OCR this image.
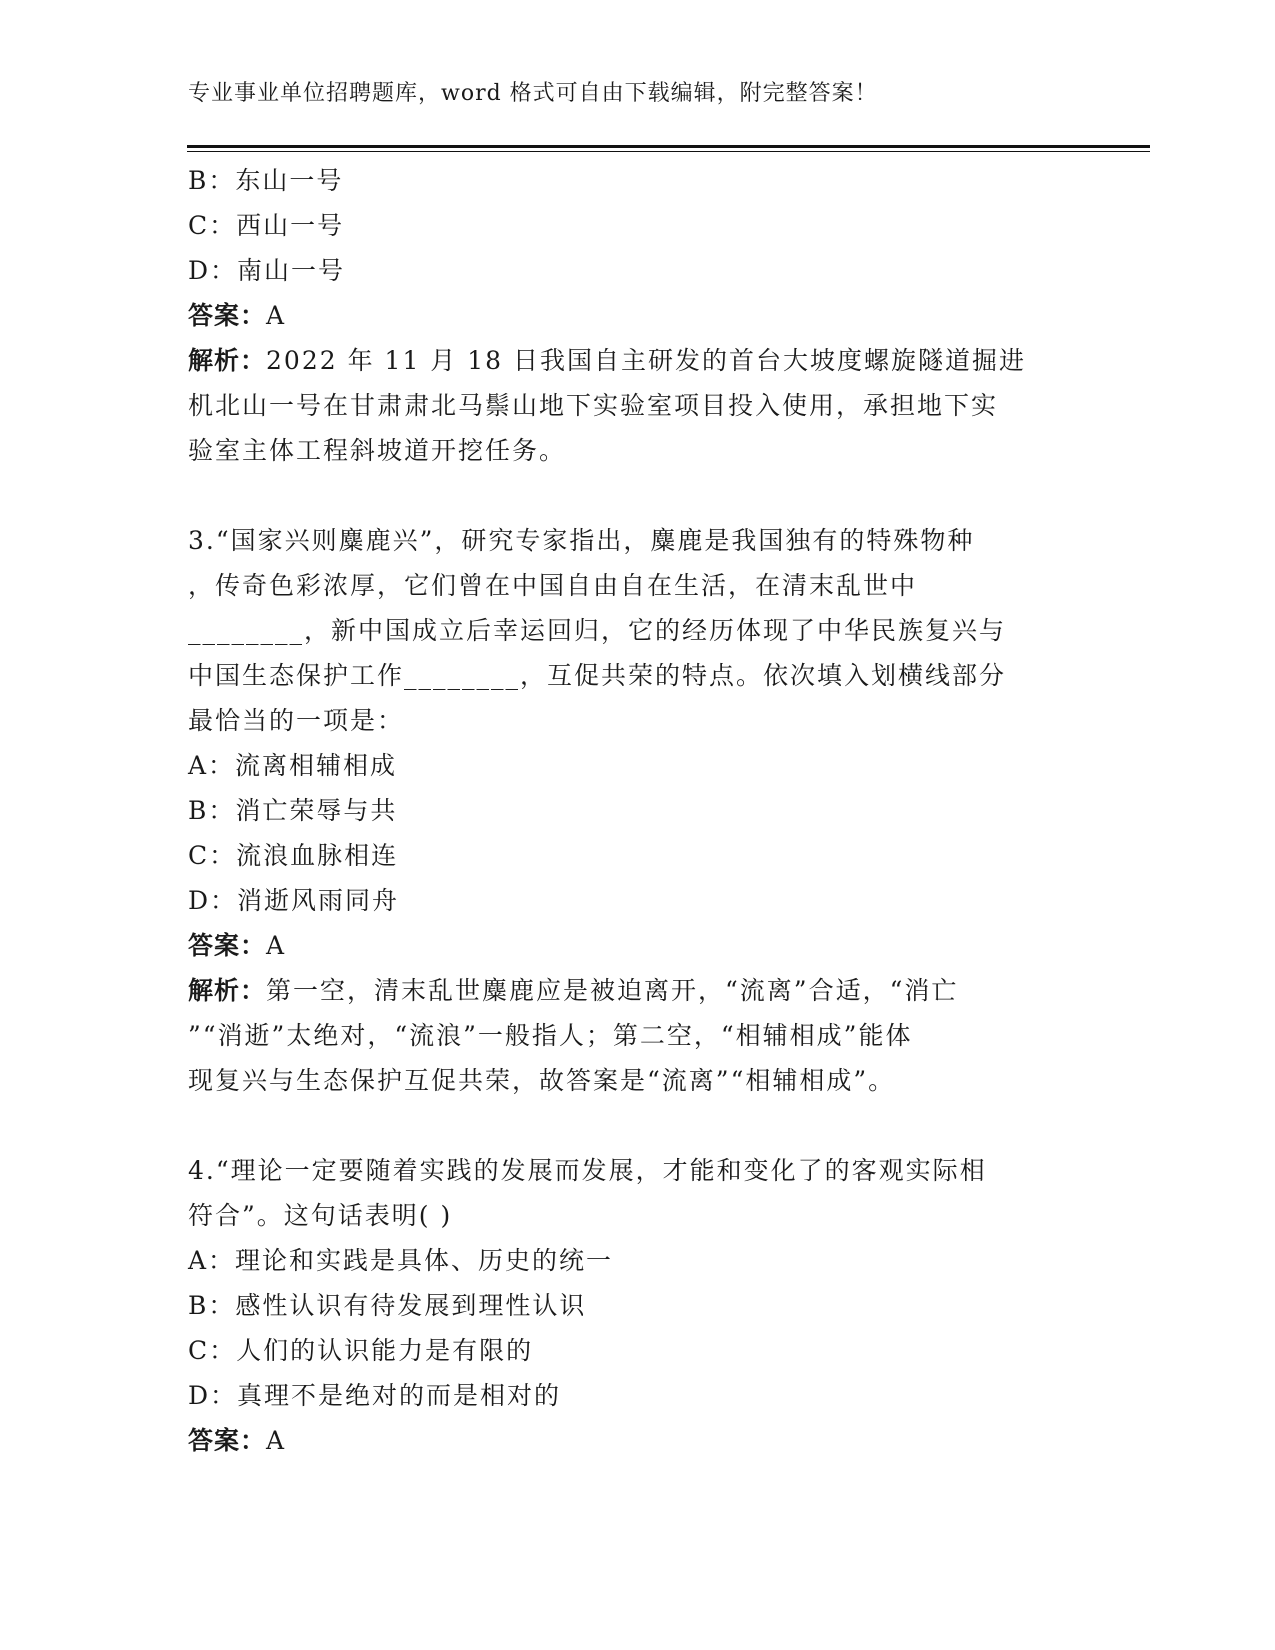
专业事业单位招聘题库，word 格式可自由下载编辑，附完整答案！
B：东山一号
C：西山一号
D：南山一号
答案：A
解析：2022 年 11 月 18 日我国自主研发的首台大坡度螺旋隧道掘进
机北山一号在甘肃肃北马鬃山地下实验室项目投入使用，承担地下实
验室主体工程斜坡道开挖任务。
3.“国家兴则麋鹿兴”，研究专家指出，麋鹿是我国独有的特殊物种
，传奇色彩浓厚，它们曾在中国自由自在生活，在清末乱世中
________，新中国成立后幸运回归，它的经历体现了中华民族复兴与
中国生态保护工作________，互促共荣的特点。依次填入划横线部分
最恰当的一项是：
A：流离相辅相成
B：消亡荣辱与共
C：流浪血脉相连
D：消逝风雨同舟
答案：A
解析：第一空，清末乱世麋鹿应是被迫离开，“流离”合适，“消亡
”“消逝”太绝对，“流浪”一般指人；第二空，“相辅相成”能体
现复兴与生态保护互促共荣，故答案是“流离”“相辅相成”。
4.“理论一定要随着实践的发展而发展，才能和变化了的客观实际相
符合”。这句话表明( )
A：理论和实践是具体、历史的统一
B：感性认识有待发展到理性认识
C：人们的认识能力是有限的
D：真理不是绝对的而是相对的
答案：A
